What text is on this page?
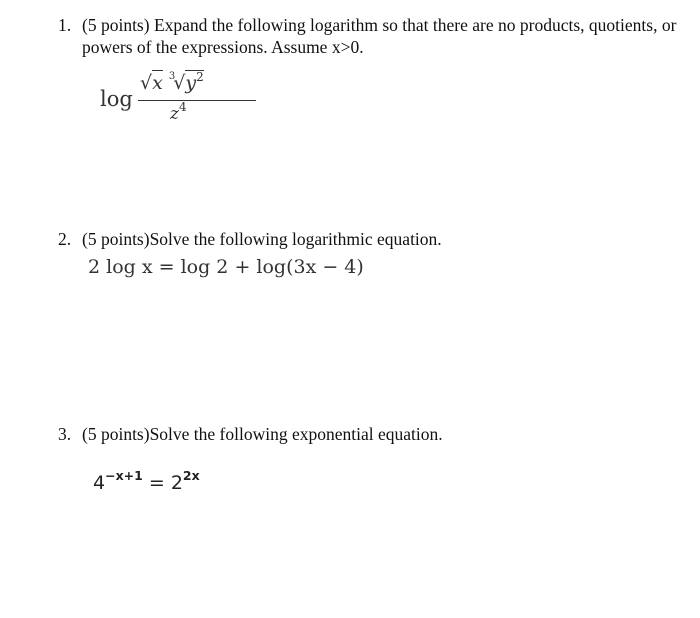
1. (5 points) Expand the following logarithm so that there are no products, quotients, or
powers of the expressions. Assume x>0.
log
√x $^3√y^2$
$z^4$
2. (5 points)Solve the following logarithmic equation.
2 log x = log 2 + log(3x − 4)
3. (5 points)Solve the following exponential equation.
$4^{-x+1} = 2^{2x}$
